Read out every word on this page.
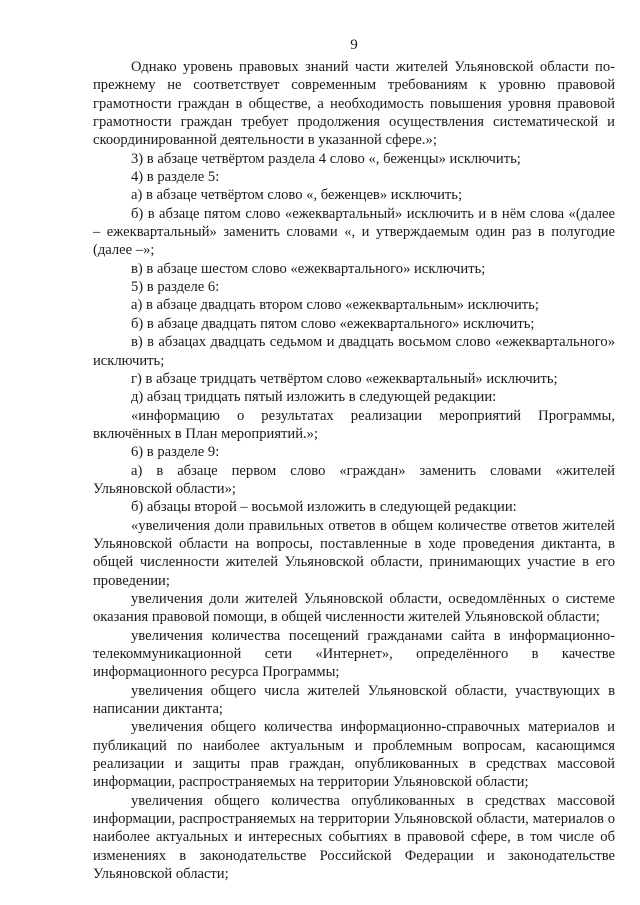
9

Однако уровень правовых знаний части жителей Ульяновской области по-прежнему не соответствует современным требованиям к уровню правовой грамотности граждан в обществе, а необходимость повышения уровня правовой грамотности граждан требует продолжения осуществления систематической и скоординированной деятельности в указанной сфере.»;

3) в абзаце четвёртом раздела 4 слово «, беженцы» исключить;

4) в разделе 5:

а) в абзаце четвёртом слово «, беженцев» исключить;

б) в абзаце пятом слово «ежеквартальный» исключить и в нём слова «(далее – ежеквартальный» заменить словами «, и утверждаемым один раз в полугодие (далее –»;

в) в абзаце шестом слово «ежеквартального» исключить;

5) в разделе 6:

а) в абзаце двадцать втором слово «ежеквартальным» исключить;

б) в абзаце двадцать пятом слово «ежеквартального» исключить;

в) в абзацах двадцать седьмом и двадцать восьмом слово «ежеквартального» исключить;

г) в абзаце тридцать четвёртом слово «ежеквартальный» исключить;

д) абзац тридцать пятый изложить в следующей редакции:

«информацию о результатах реализации мероприятий Программы, включённых в План мероприятий.»;

6) в разделе 9:

а) в абзаце первом слово «граждан» заменить словами «жителей Ульяновской области»;

б) абзацы второй – восьмой изложить в следующей редакции:

«увеличения доли правильных ответов в общем количестве ответов жителей Ульяновской области на вопросы, поставленные в ходе проведения диктанта, в общей численности жителей Ульяновской области, принимающих участие в его проведении;

увеличения доли жителей Ульяновской области, осведомлённых о системе оказания правовой помощи, в общей численности жителей Ульяновской области;

увеличения количества посещений гражданами сайта в информационно-телекоммуникационной сети «Интернет», определённого в качестве информационного ресурса Программы;

увеличения общего числа жителей Ульяновской области, участвующих в написании диктанта;

увеличения общего количества информационно-справочных материалов и публикаций по наиболее актуальным и проблемным вопросам, касающимся реализации и защиты прав граждан, опубликованных в средствах массовой информации, распространяемых на территории Ульяновской области;

увеличения общего количества опубликованных в средствах массовой информации, распространяемых на территории Ульяновской области, материалов о наиболее актуальных и интересных событиях в правовой сфере, в том числе об изменениях в законодательстве Российской Федерации и законодательстве Ульяновской области;
